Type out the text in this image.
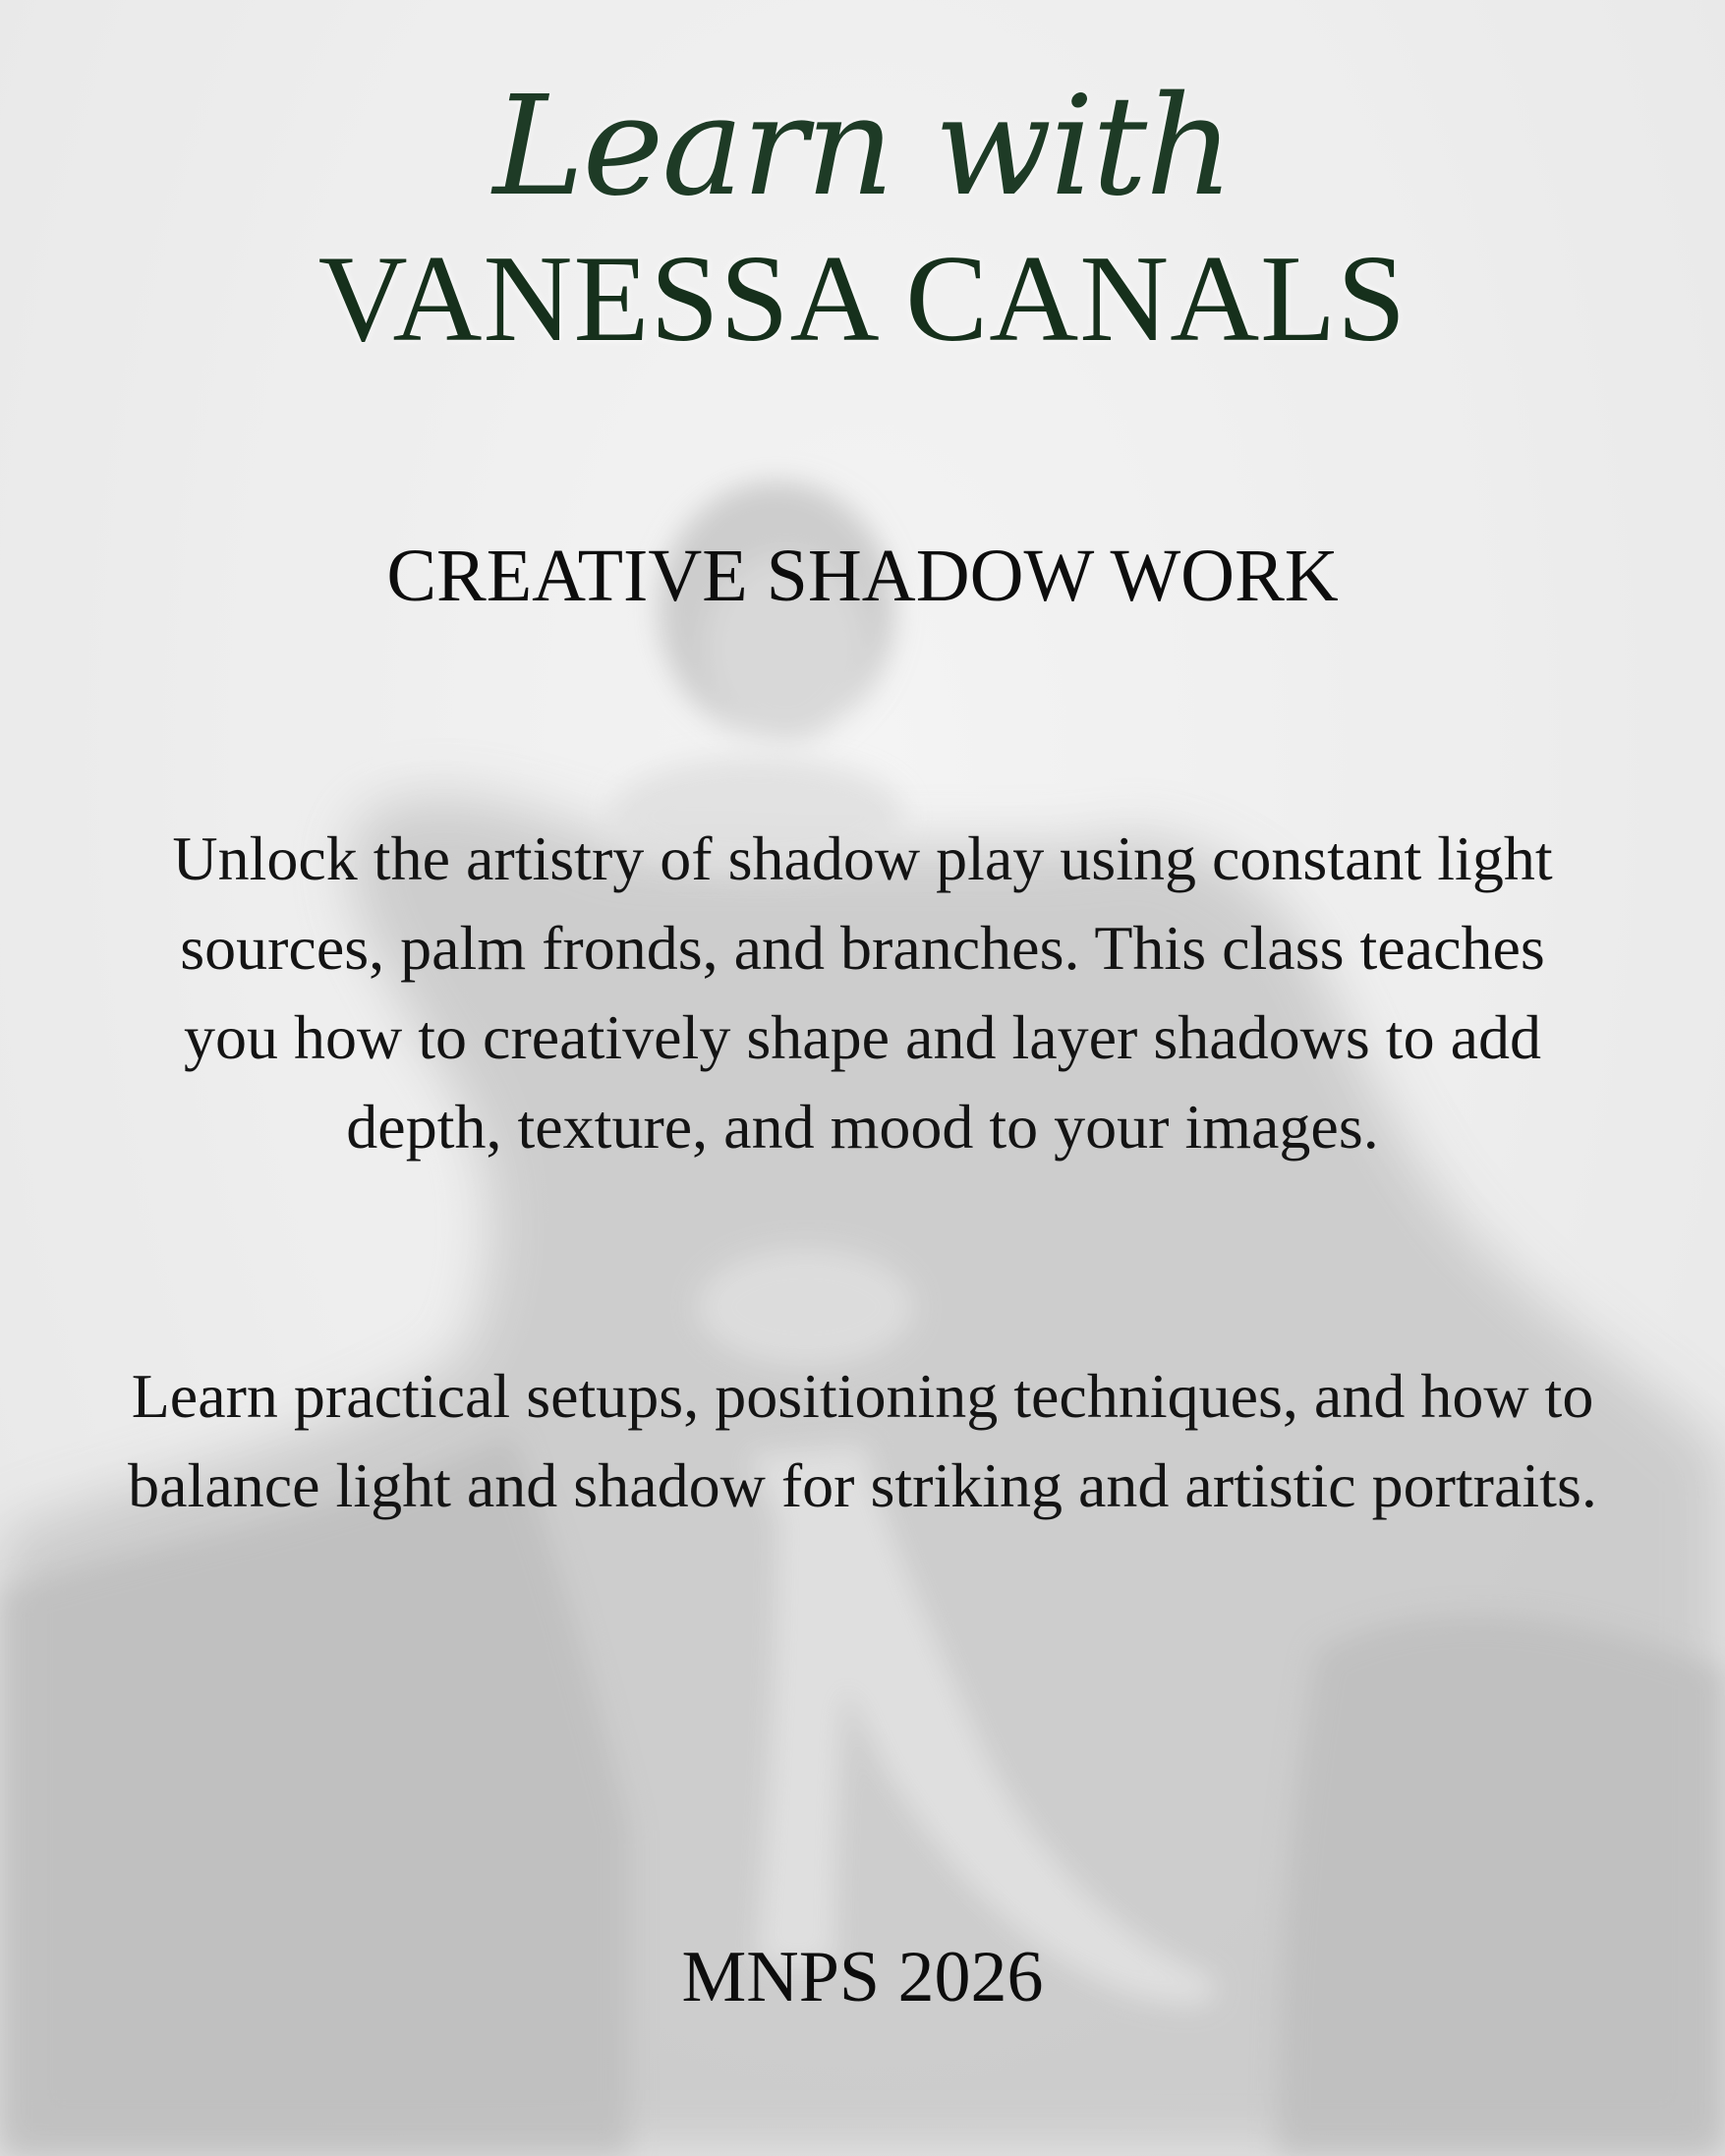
Learn with
VANESSA CANALS
CREATIVE SHADOW WORK
Unlock the artistry of shadow play using constant light sources, palm fronds, and branches. This class teaches you how to creatively shape and layer shadows to add depth, texture, and mood to your images.
Learn practical setups, positioning techniques, and how to balance light and shadow for striking and artistic portraits.
MNPS 2026
